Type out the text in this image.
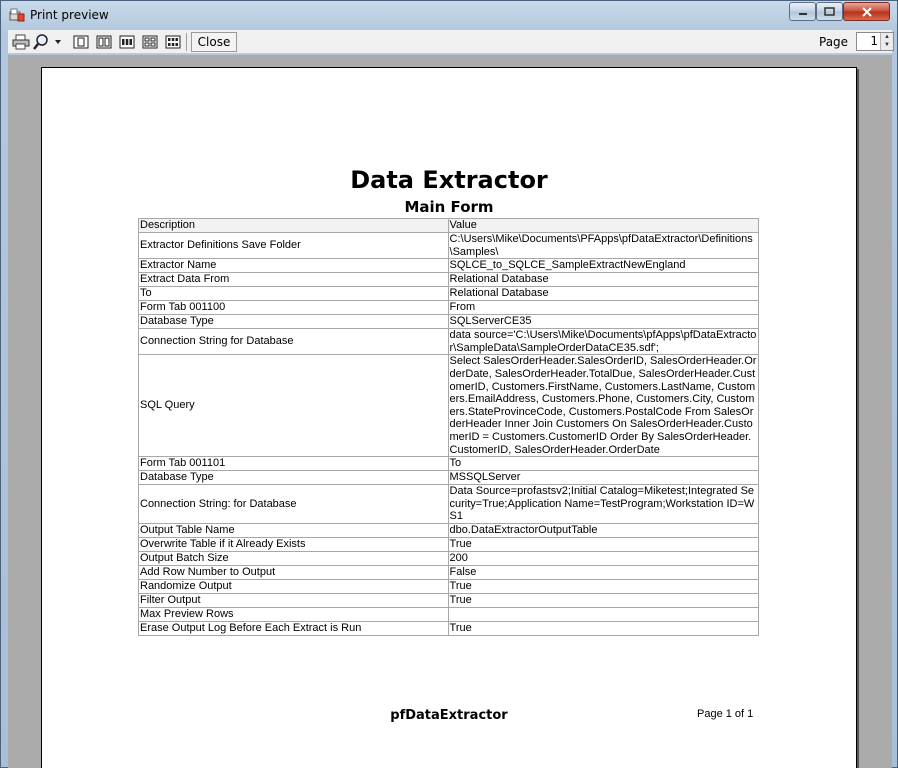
Print preview
Close	Page 1	▲
▼
Data Extractor
Main Form
Description	Value
Extractor Definitions Save Folder	C:\Users\Mike\Documents\PFApps\pfDataExtractor\Definitions\Samples\
Extractor Name	SQLCE_to_SQLCE_SampleExtractNewEngland
Extract Data From	Relational Database
To	Relational Database
Form Tab 001100	From
Database Type	SQLServerCE35
Connection String for Database	data source='C:\Users\Mike\Documents\pfApps\pfDataExtractor\SampleData\SampleOrderDataCE35.sdf';
SQL Query	Select SalesOrderHeader.SalesOrderID, SalesOrderHeader.OrderDate, SalesOrderHeader.TotalDue, SalesOrderHeader.CustomerID, Customers.FirstName, Customers.LastName, Customers.EmailAddress, Customers.Phone, Customers.City, Customers.StateProvinceCode, Customers.PostalCode From SalesOrderHeader Inner Join Customers On SalesOrderHeader.CustomerID = Customers.CustomerID Order By SalesOrderHeader.CustomerID, SalesOrderHeader.OrderDate
Form Tab 001101	To
Database Type	MSSQLServer
Connection String: for Database	Data Source=profastsv2;Initial Catalog=Miketest;Integrated Security=True;Application Name=TestProgram;Workstation ID=WS1
Output Table Name	dbo.DataExtractorOutputTable
Overwrite Table if it Already Exists	True
Output Batch Size	200
Add Row Number to Output	False
Randomize Output	True
Filter Output	True
Max Preview Rows	
Erase Output Log Before Each Extract is Run	True
pfDataExtractor	Page 1 of 1
